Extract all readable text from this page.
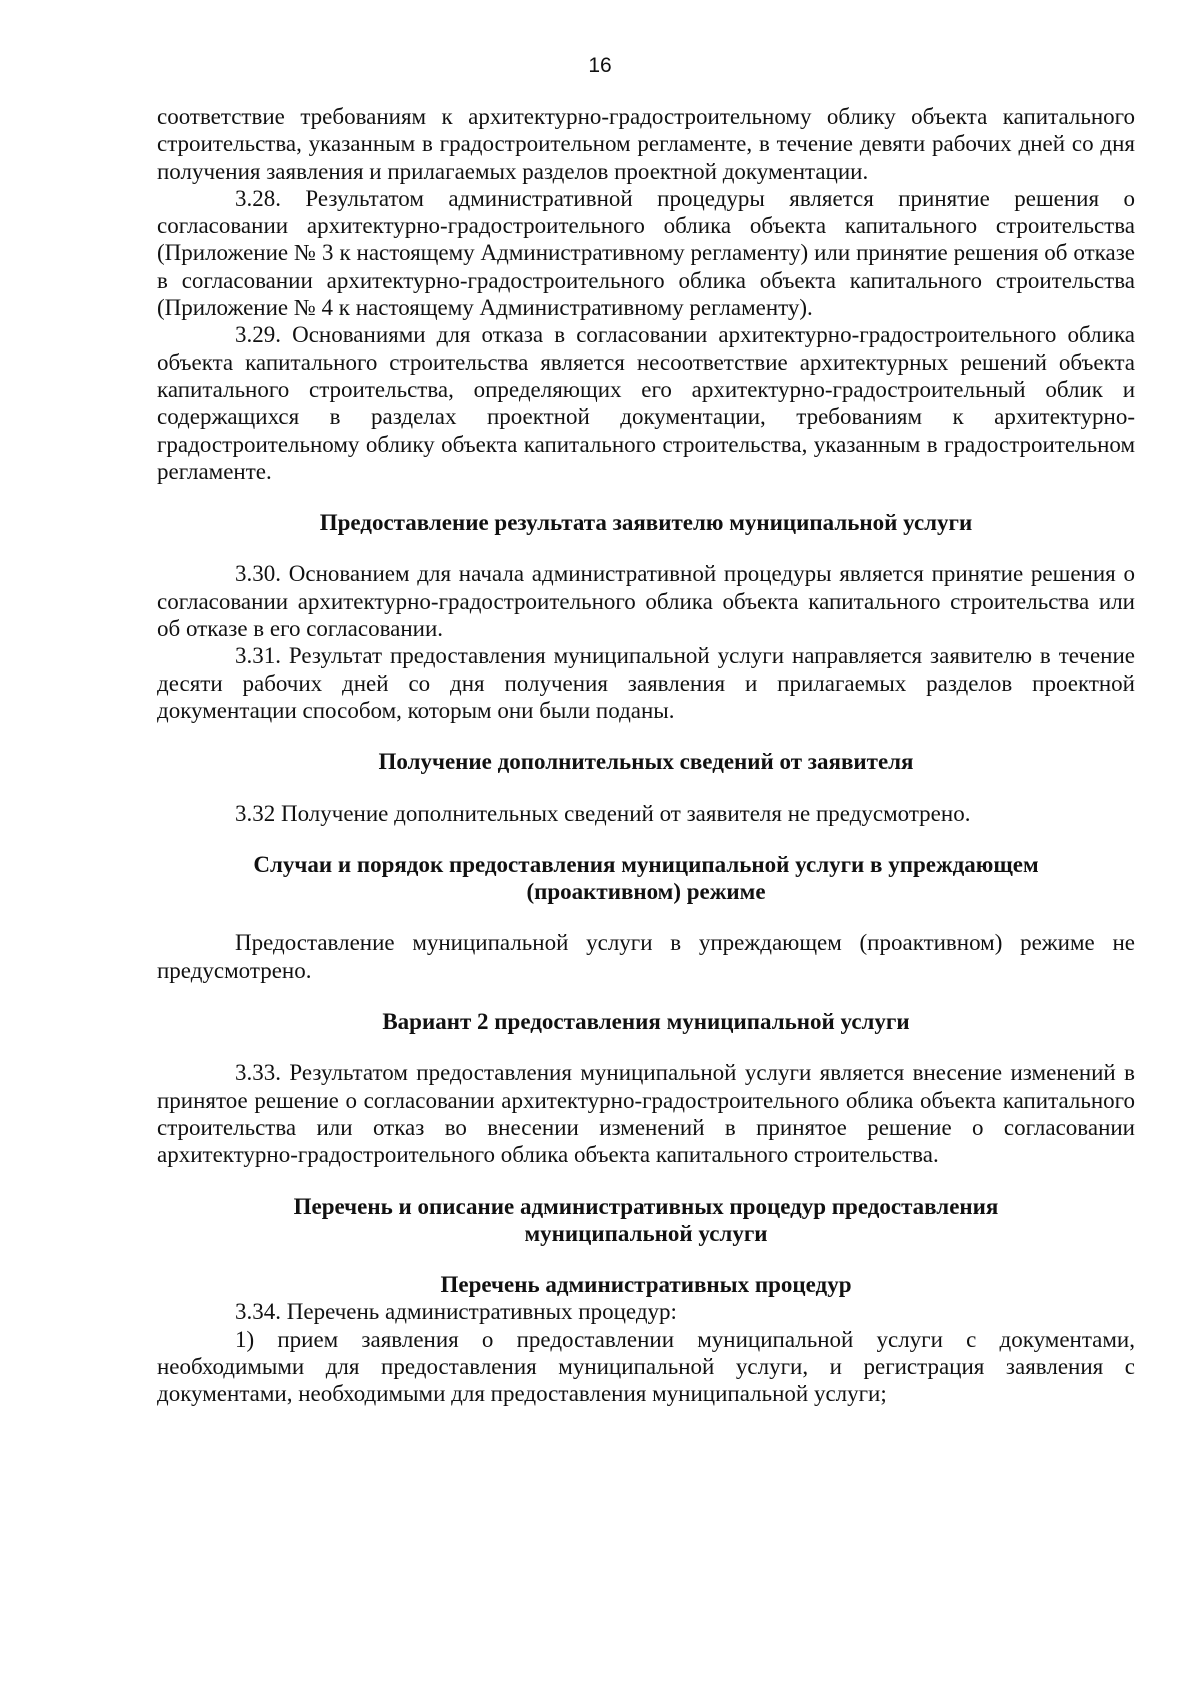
16

соответствие требованиям к архитектурно-градостроительному облику объекта капитального строительства, указанным в градостроительном регламенте, в течение девяти рабочих дней со дня получения заявления и прилагаемых разделов проектной документации.

3.28. Результатом административной процедуры является принятие решения о согласовании архитектурно-градостроительного облика объекта капитального строительства (Приложение № 3 к настоящему Административному регламенту) или принятие решения об отказе в согласовании архитектурно-градостроительного облика объекта капитального строительства (Приложение № 4 к настоящему Административному регламенту).

3.29. Основаниями для отказа в согласовании архитектурно-градостроительного облика объекта капитального строительства является несоответствие архитектурных решений объекта капитального строительства, определяющих его архитектурно-градостроительный облик и содержащихся в разделах проектной документации, требованиям к архитектурно-градостроительному облику объекта капитального строительства, указанным в градостроительном регламенте.

Предоставление результата заявителю муниципальной услуги

3.30. Основанием для начала административной процедуры является принятие решения о согласовании архитектурно-градостроительного облика объекта капитального строительства или об отказе в его согласовании.

3.31. Результат предоставления муниципальной услуги направляется заявителю в течение десяти рабочих дней со дня получения заявления и прилагаемых разделов проектной документации способом, которым они были поданы.

Получение дополнительных сведений от заявителя

3.32 Получение дополнительных сведений от заявителя не предусмотрено.

Случаи и порядок предоставления муниципальной услуги в упреждающем

(проактивном) режиме

Предоставление муниципальной услуги в упреждающем (проактивном) режиме не предусмотрено.

Вариант 2 предоставления муниципальной услуги

3.33. Результатом предоставления муниципальной услуги является внесение изменений в принятое решение о согласовании архитектурно-градостроительного облика объекта капитального строительства или отказ во внесении изменений в принятое решение о согласовании архитектурно-градостроительного облика объекта капитального строительства.

Перечень и описание административных процедур предоставления

муниципальной услуги

Перечень административных процедур

3.34. Перечень административных процедур:

1) прием заявления о предоставлении муниципальной услуги с документами, необходимыми для предоставления муниципальной услуги, и регистрация заявления с документами, необходимыми для предоставления муниципальной услуги;
